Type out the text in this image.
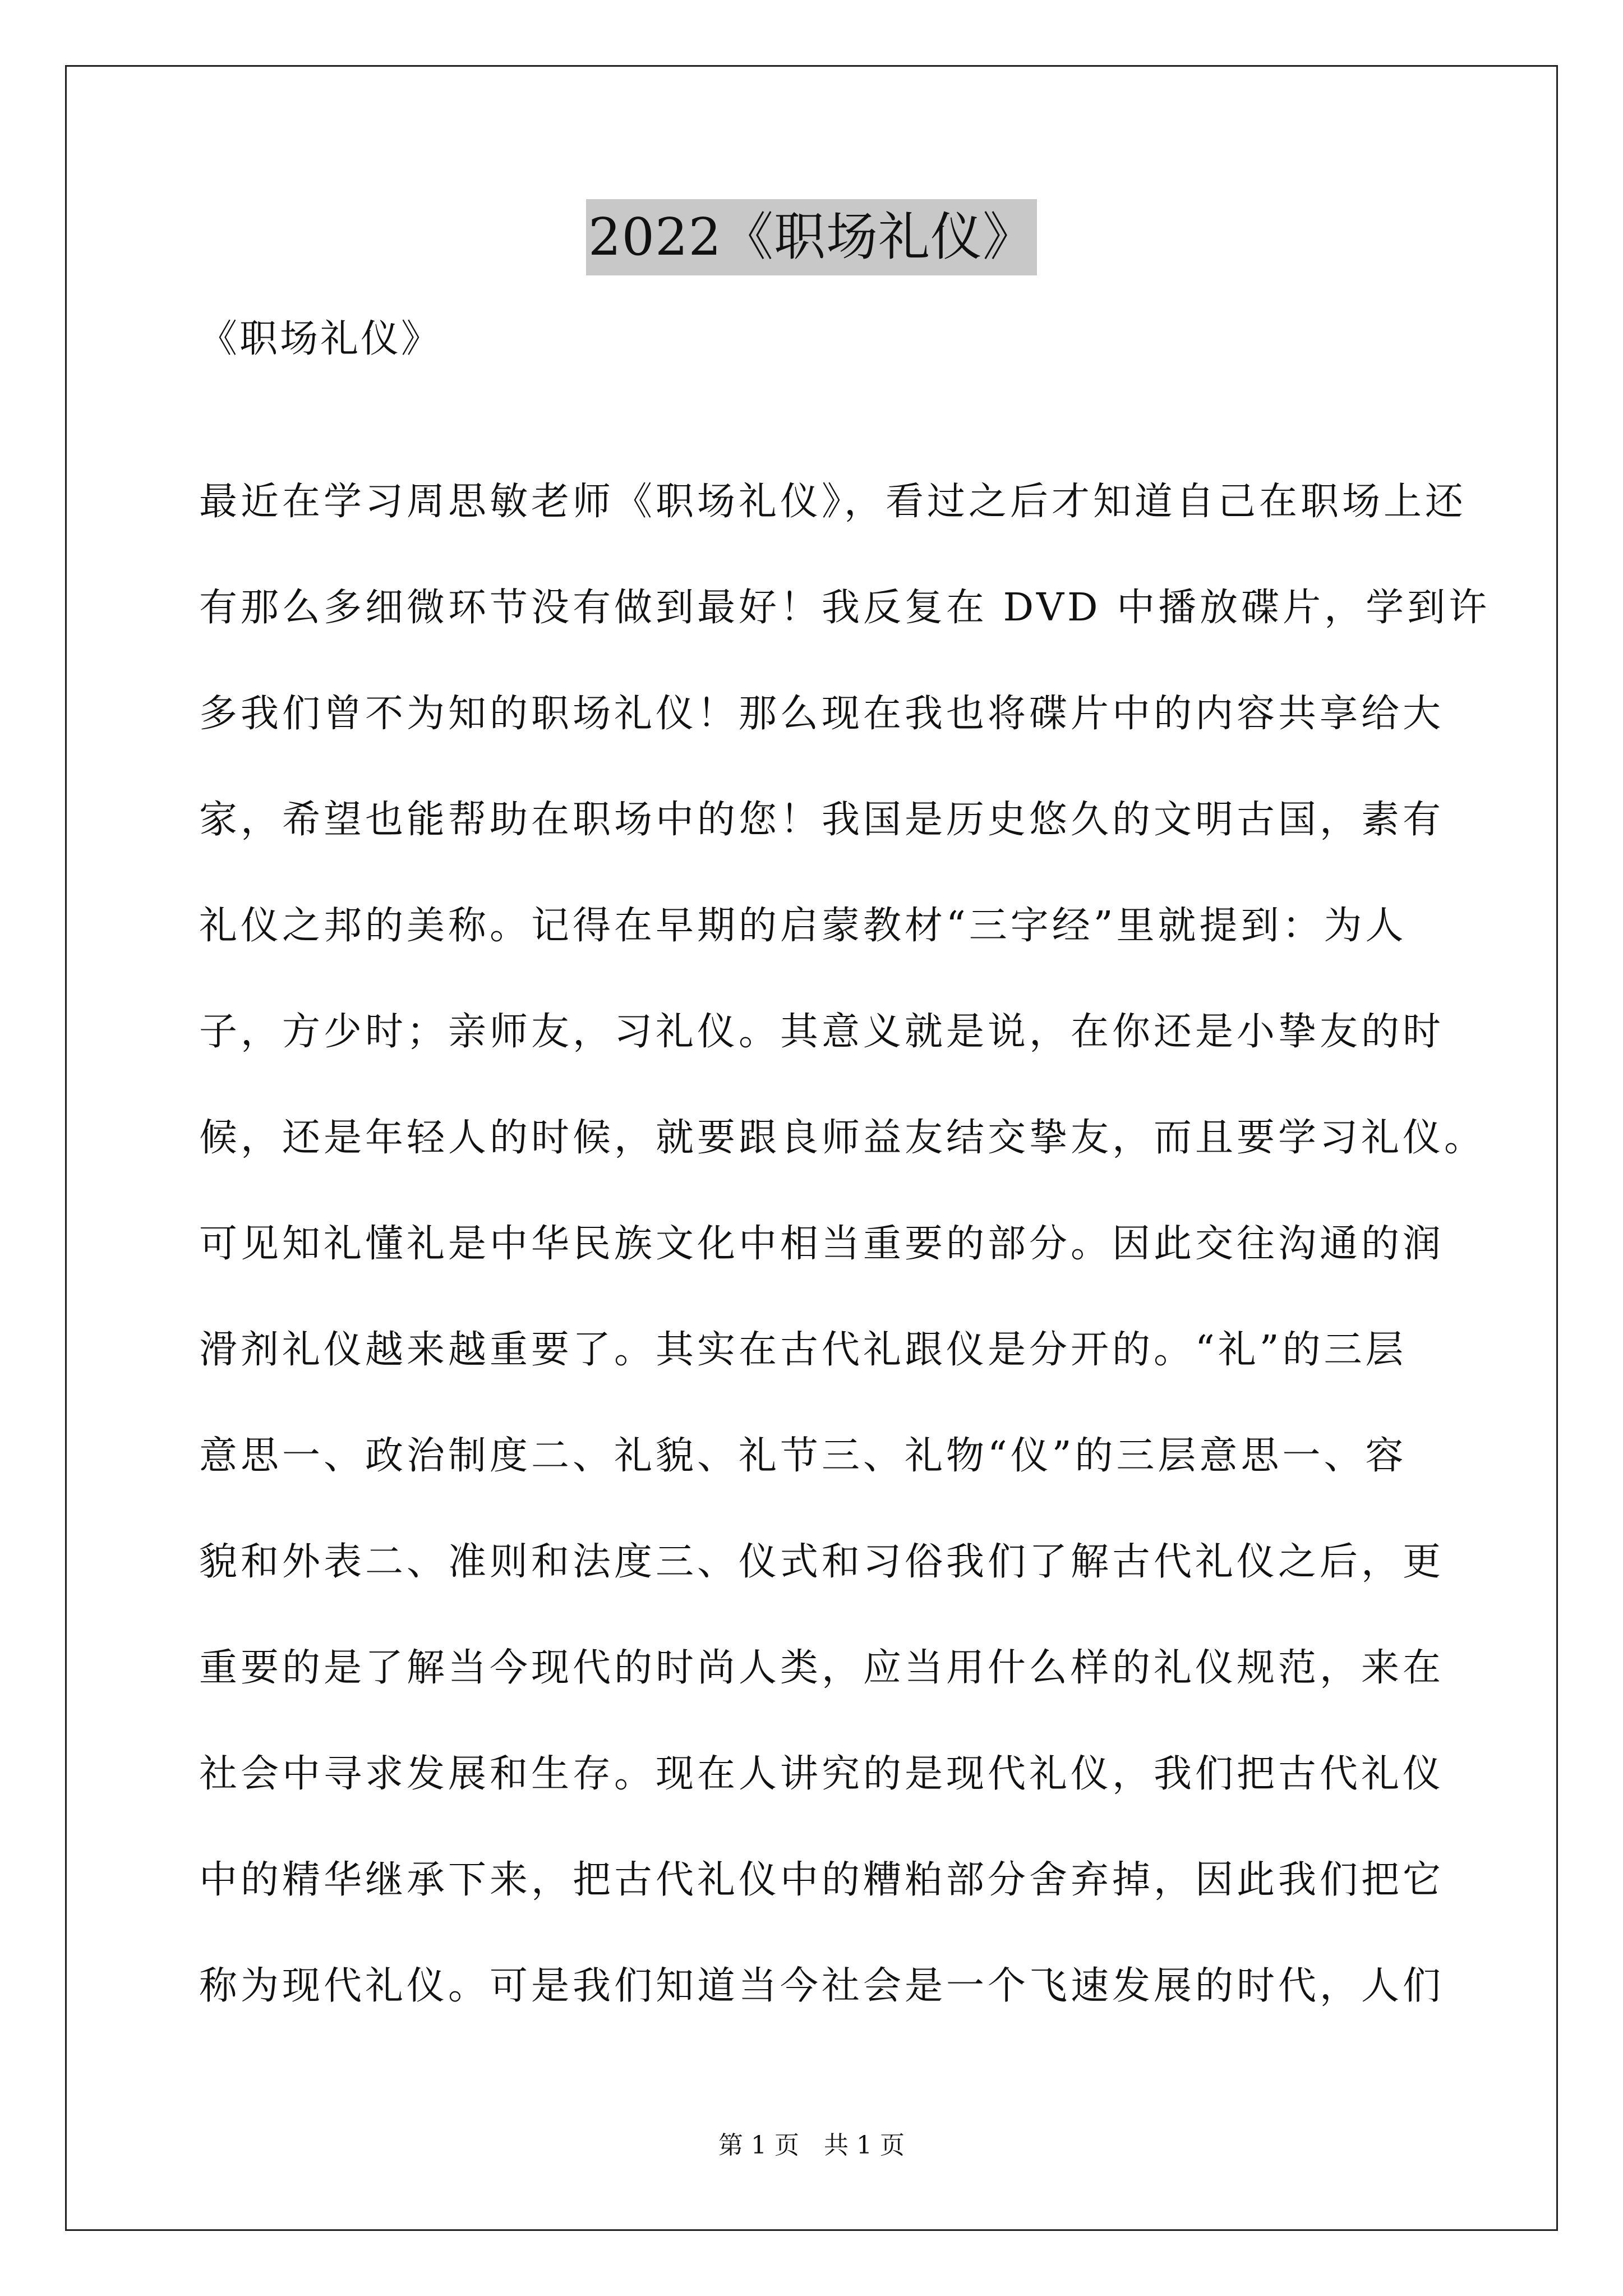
2022《职场礼仪》
《职场礼仪》
最近在学习周思敏老师《职场礼仪》，看过之后才知道自己在职场上还
有那么多细微环节没有做到最好！我反复在 DVD 中播放碟片，学到许
多我们曾不为知的职场礼仪！那么现在我也将碟片中的内容共享给大
家，希望也能帮助在职场中的您！我国是历史悠久的文明古国，素有
礼仪之邦的美称。记得在早期的启蒙教材“三字经”里就提到：为人
子，方少时；亲师友，习礼仪。其意义就是说，在你还是小挚友的时
候，还是年轻人的时候，就要跟良师益友结交挚友，而且要学习礼仪。
可见知礼懂礼是中华民族文化中相当重要的部分。因此交往沟通的润
滑剂礼仪越来越重要了。其实在古代礼跟仪是分开的。“礼”的三层
意思一、政治制度二、礼貌、礼节三、礼物“仪”的三层意思一、容
貌和外表二、准则和法度三、仪式和习俗我们了解古代礼仪之后，更
重要的是了解当今现代的时尚人类，应当用什么样的礼仪规范，来在
社会中寻求发展和生存。现在人讲究的是现代礼仪，我们把古代礼仪
中的精华继承下来，把古代礼仪中的糟粕部分舍弃掉，因此我们把它
称为现代礼仪。可是我们知道当今社会是一个飞速发展的时代，人们
第 1 页　共 1 页
